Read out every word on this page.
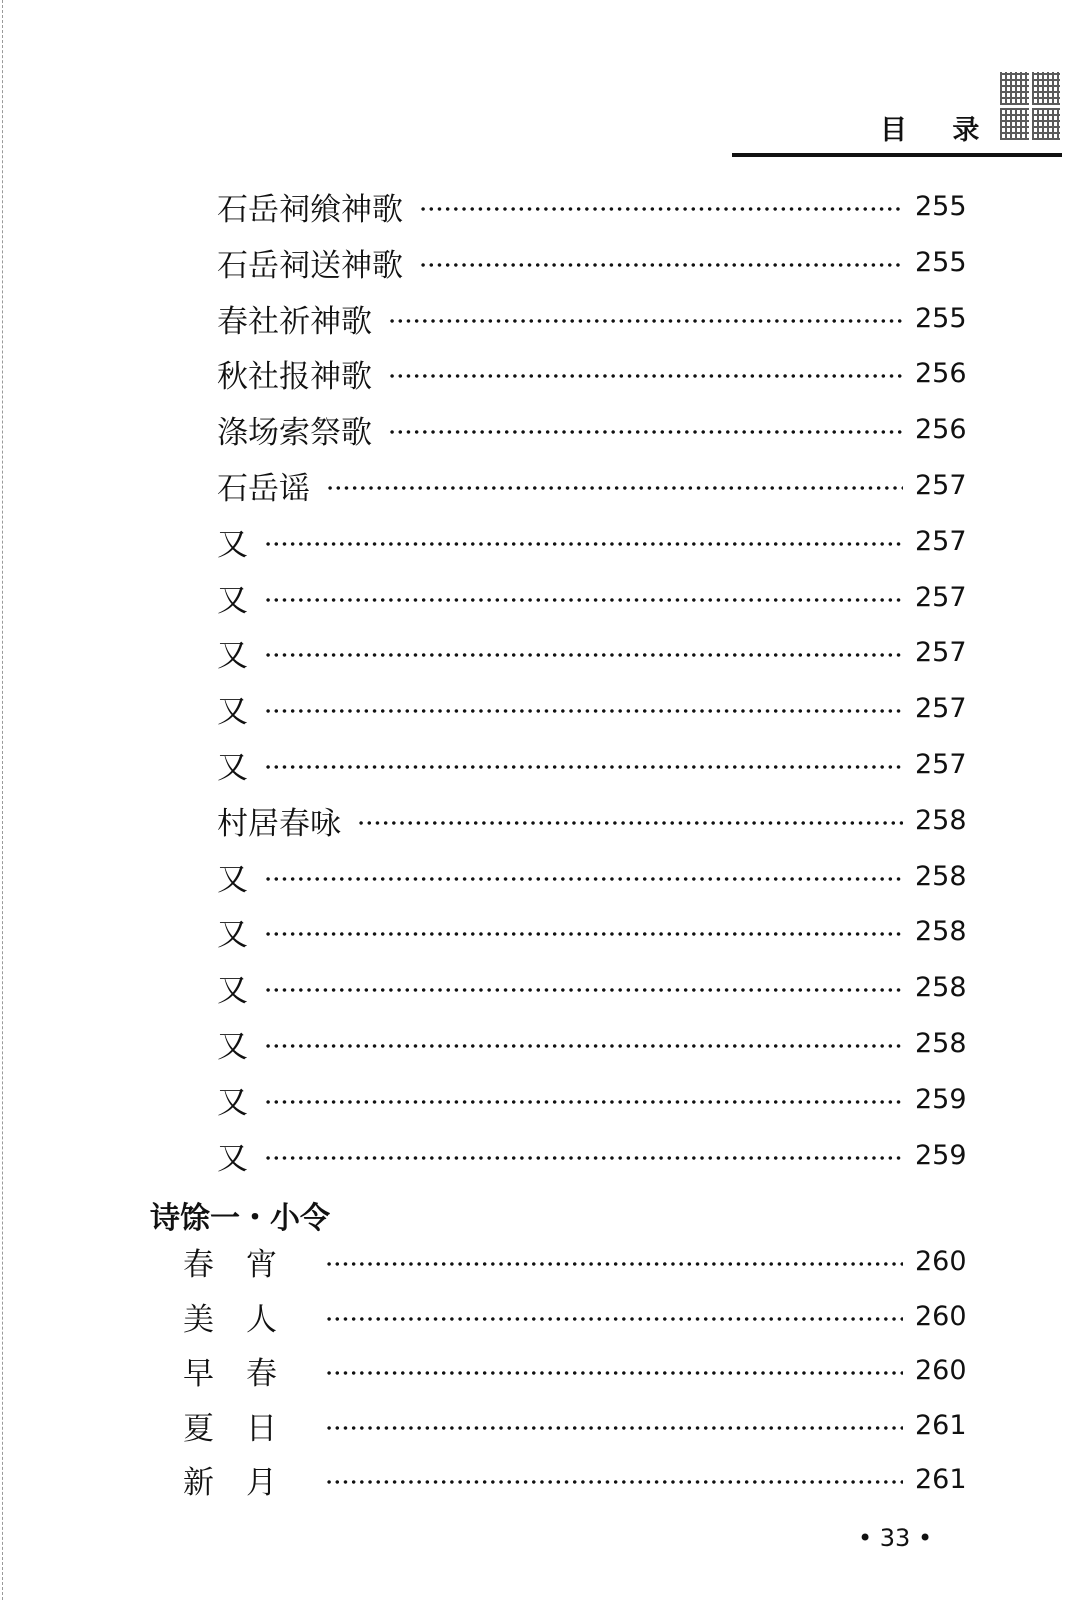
目 录
石岳祠飨神歌	255
石岳祠送神歌	255
春社祈神歌	255
秋社报神歌	256
涤场索祭歌	256
石岳谣	257
又	257
又	257
又	257
又	257
又	257
村居春咏	258
又	258
又	258
又	258
又	258
又	259
又	259
春宵	260
美人	260
早春	260
夏日	261
新月	261
诗馀一・小令
• 33 •
